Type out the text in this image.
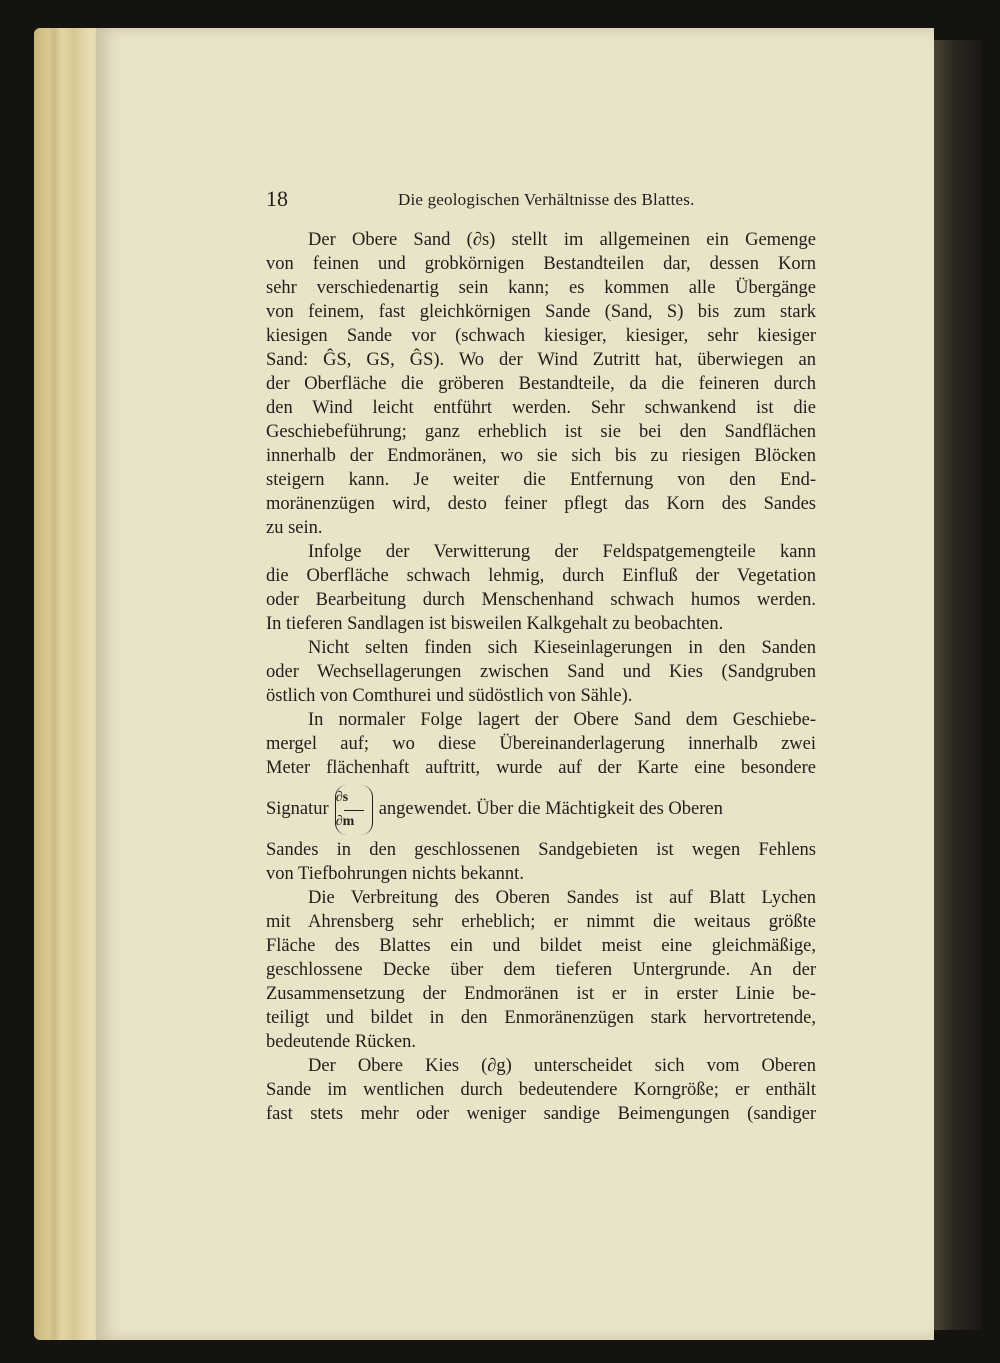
18	Die geologischen Verhältnisse des Blattes.
Der Obere Sand (∂s) stellt im allgemeinen ein Gemenge
von feinen und grobkörnigen Bestandteilen dar, dessen Korn
sehr verschiedenartig sein kann; es kommen alle Übergänge
von feinem, fast gleichkörnigen Sande (Sand, S) bis zum stark
kiesigen Sande vor (schwach kiesiger, kiesiger, sehr kiesiger
Sand: ĜS, GS, ĜS). Wo der Wind Zutritt hat, überwiegen an
der Oberfläche die gröberen Bestandteile, da die feineren durch
den Wind leicht entführt werden. Sehr schwankend ist die
Geschiebeführung; ganz erheblich ist sie bei den Sandflächen
innerhalb der Endmoränen, wo sie sich bis zu riesigen Blöcken
steigern kann. Je weiter die Entfernung von den End-
moränenzügen wird, desto feiner pflegt das Korn des Sandes
zu sein.
Infolge der Verwitterung der Feldspatgemengteile kann
die Oberfläche schwach lehmig, durch Einfluß der Vegetation
oder Bearbeitung durch Menschenhand schwach humos werden.
In tieferen Sandlagen ist bisweilen Kalkgehalt zu beobachten.
Nicht selten finden sich Kieseinlagerungen in den Sanden
oder Wechsellagerungen zwischen Sand und Kies (Sandgruben
östlich von Comthurei und südöstlich von Sähle).
In normaler Folge lagert der Obere Sand dem Geschiebe-
mergel auf; wo diese Übereinanderlagerung innerhalb zwei
Meter flächenhaft auftritt, wurde auf der Karte eine besondere
Signatur $\frac{\partial s}{\partial m}$ angewendet. Über die Mächtigkeit des Oberen
Sandes in den geschlossenen Sandgebieten ist wegen Fehlens
von Tiefbohrungen nichts bekannt.
Die Verbreitung des Oberen Sandes ist auf Blatt Lychen
mit Ahrensberg sehr erheblich; er nimmt die weitaus größte
Fläche des Blattes ein und bildet meist eine gleichmäßige,
geschlossene Decke über dem tieferen Untergrunde. An der
Zusammensetzung der Endmoränen ist er in erster Linie be-
teiligt und bildet in den Enmoränenzügen stark hervortretende,
bedeutende Rücken.
Der Obere Kies (∂g) unterscheidet sich vom Oberen
Sande im wentlichen durch bedeutendere Korngröße; er enthält
fast stets mehr oder weniger sandige Beimengungen (sandiger
